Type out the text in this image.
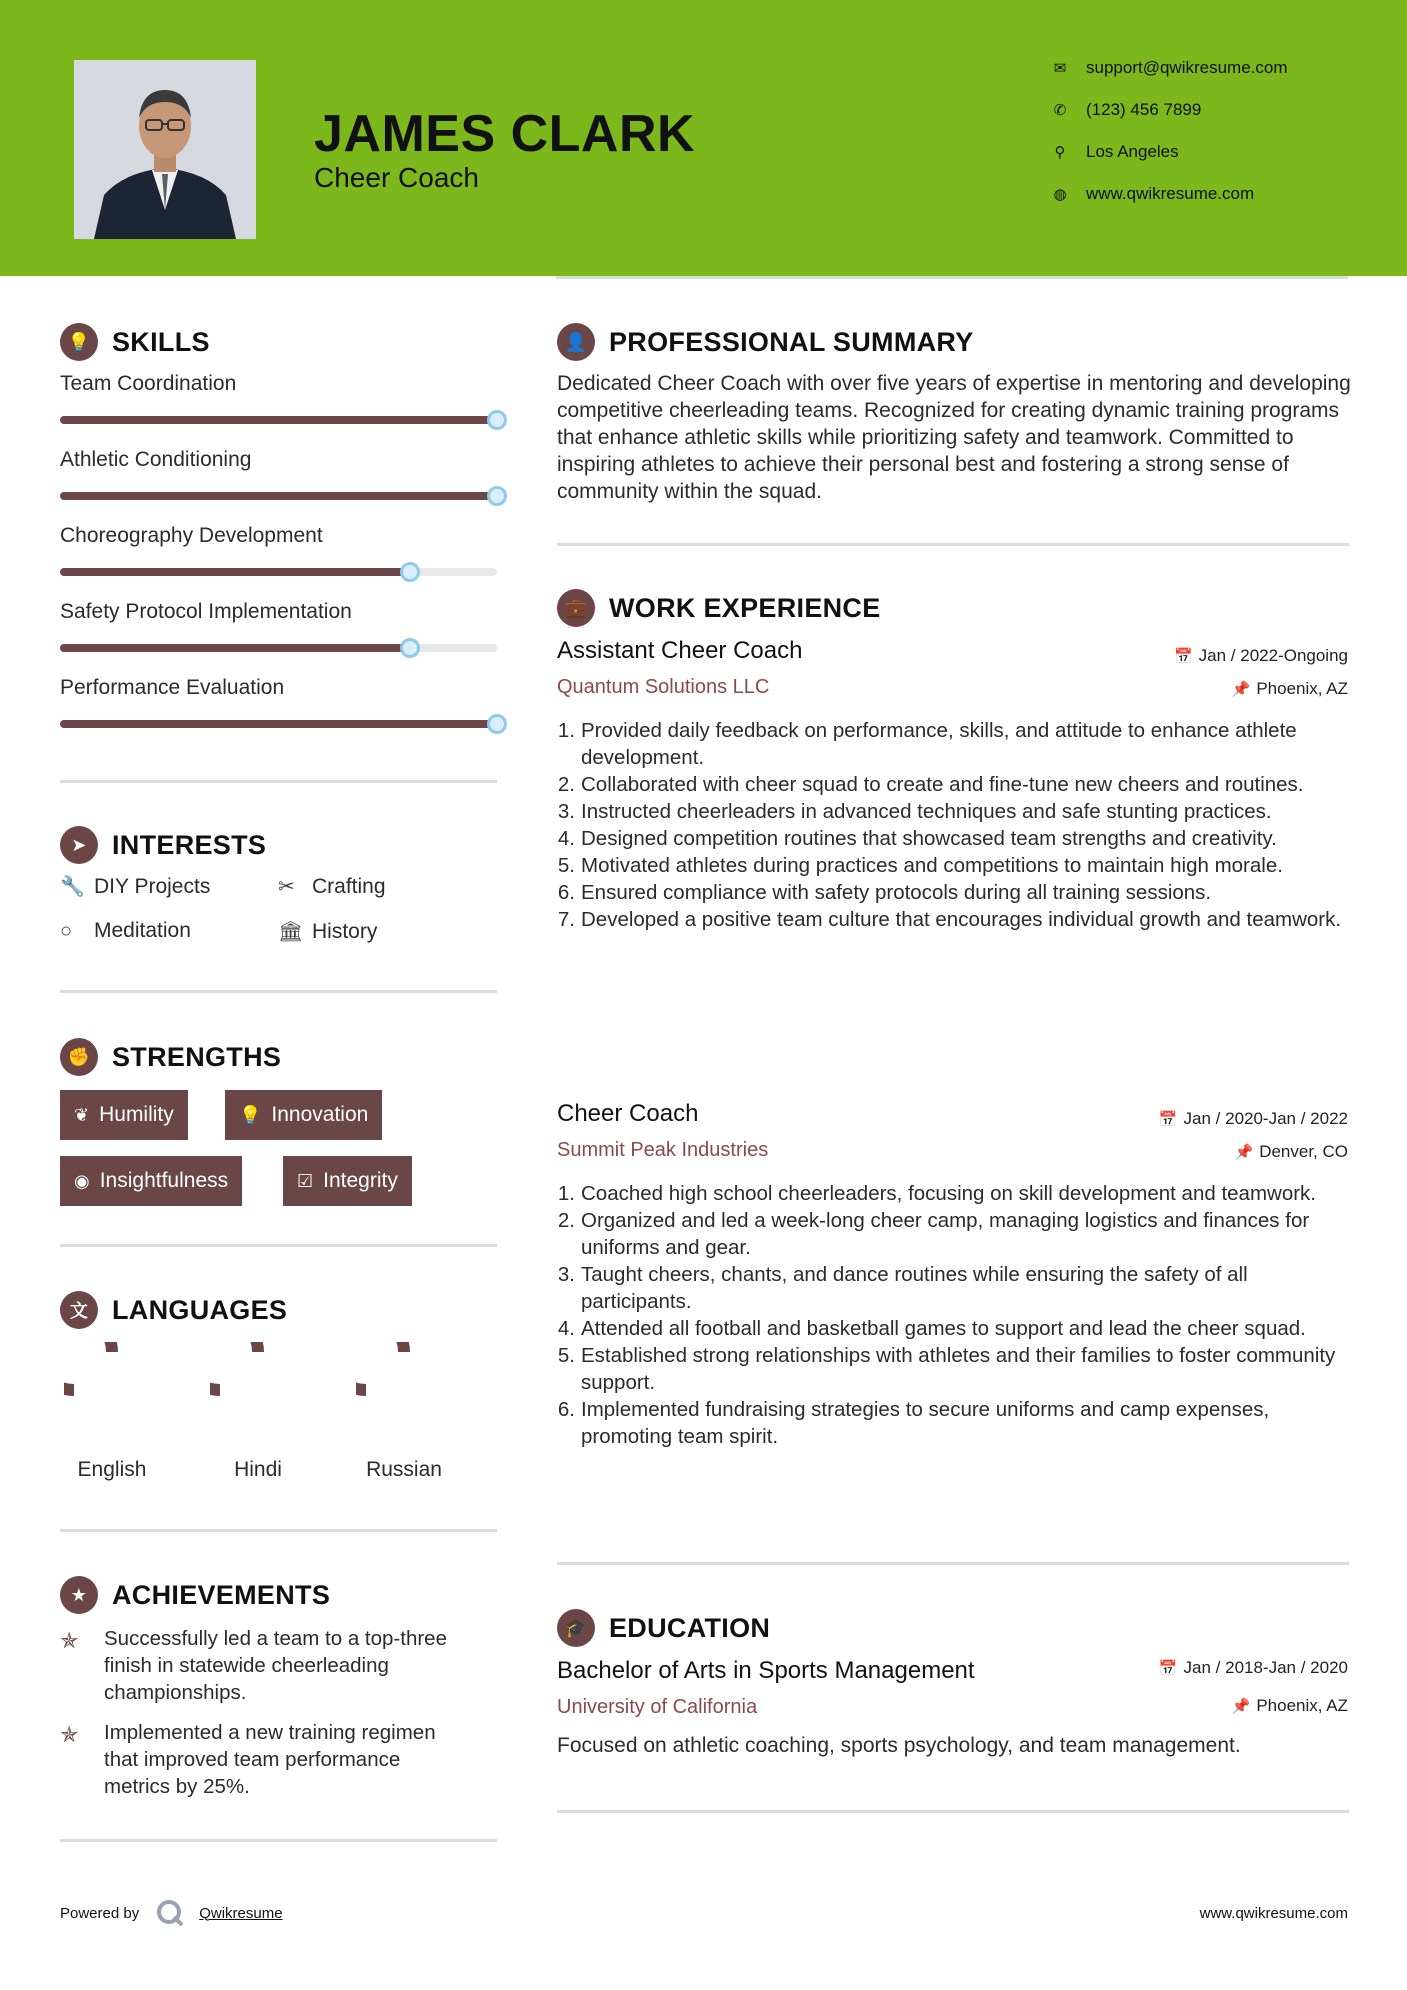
JAMES CLARK
Cheer Coach
✉ support@qwikresume.com
✆ (123) 456 7899
⚲ Los Angeles
◍ www.qwikresume.com
💡 SKILLS
Team Coordination
Athletic Conditioning
Choreography Development
Safety Protocol Implementation
Performance Evaluation
➤ INTERESTS
🔧 DIY Projects	✂ Crafting
○	Meditation	🏛 History
✊ STRENGTHS
❦ Humility	💡 Innovation
◉ Insightfulness	☑ Integrity
文 LANGUAGES
English	Hindi	Russian
★ ACHIEVEMENTS
✯	Successfully led a team to a top-three finish in statewide cheerleading championships.
✯	Implemented a new training regimen that improved team performance metrics by 25%.
👤 PROFESSIONAL SUMMARY
Dedicated Cheer Coach with over five years of expertise in mentoring and developing competitive cheerleading teams. Recognized for creating dynamic training programs that enhance athletic skills while prioritizing safety and teamwork. Committed to inspiring athletes to achieve their personal best and fostering a strong sense of community within the squad.
💼 WORK EXPERIENCE
Assistant Cheer Coach	📅 Jan / 2022-Ongoing
Quantum Solutions LLC	📌 Phoenix, AZ
1. Provided daily feedback on performance, skills, and attitude to enhance athlete development.
2. Collaborated with cheer squad to create and fine-tune new cheers and routines.
3. Instructed cheerleaders in advanced techniques and safe stunting practices.
4. Designed competition routines that showcased team strengths and creativity.
5. Motivated athletes during practices and competitions to maintain high morale.
6. Ensured compliance with safety protocols during all training sessions.
7. Developed a positive team culture that encourages individual growth and teamwork.
Cheer Coach	📅 Jan / 2020-Jan / 2022
Summit Peak Industries	📌 Denver, CO
1. Coached high school cheerleaders, focusing on skill development and teamwork.
2. Organized and led a week-long cheer camp, managing logistics and finances for uniforms and gear.
3. Taught cheers, chants, and dance routines while ensuring the safety of all participants.
4. Attended all football and basketball games to support and lead the cheer squad.
5. Established strong relationships with athletes and their families to foster community support.
6. Implemented fundraising strategies to secure uniforms and camp expenses, promoting team spirit.
🎓 EDUCATION
Bachelor of Arts in Sports Management	📅 Jan / 2018-Jan / 2020
University of California	📌 Phoenix, AZ
Focused on athletic coaching, sports psychology, and team management.
Powered by	Qwikresume	www.qwikresume.com
